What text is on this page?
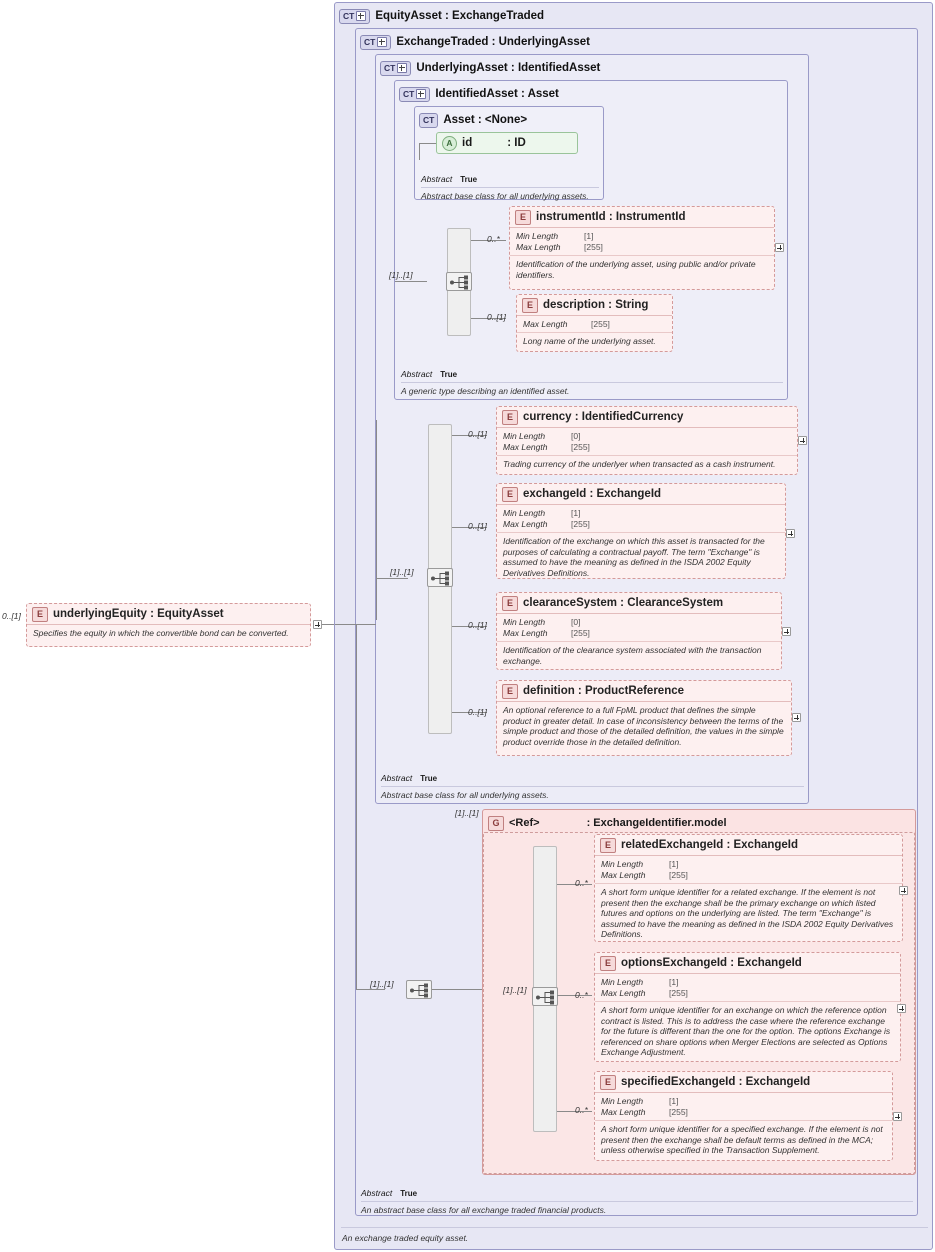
0..[1]	E underlyingEquity : EquityAsset
Specifies the equity in which the convertible bond can be converted.
CT EquityAsset : ExchangeTraded
An exchange traded equity asset.
CT ExchangeTraded : UnderlyingAsset
Abstract True
An abstract base class for all exchange traded financial products.
CT UnderlyingAsset : IdentifiedAsset
Abstract True
Abstract base class for all underlying assets.
CT IdentifiedAsset : Asset
Abstract True
A generic type describing an identified asset.
CT Asset : <None>
Abstract True
Abstract base class for all underlying assets.
A id	: ID
[1]..[1]
0..*
E instrumentId : InstrumentId
Min Length	[1]
Max Length	[255]
Identification of the underlying asset, using public and/or private identifiers.
0..[1]
E description : String
Max Length	[255]
Long name of the underlying asset.
[1]..[1]
0..[1]
E currency : IdentifiedCurrency
Min Length	[0]
Max Length	[255]
Trading currency of the underlyer when transacted as a cash instrument.
0..[1]
E exchangeId : ExchangeId
Min Length	[1]
Max Length	[255]
Identification of the exchange on which this asset is transacted for the purposes of calculating a contractual payoff. The term "Exchange" is assumed to have the meaning as defined in the ISDA 2002 Equity Derivatives Definitions.
0..[1]
E clearanceSystem : ClearanceSystem
Min Length	[0]
Max Length	[255]
Identification of the clearance system associated with the transaction exchange.
0..[1]
E definition : ProductReference
An optional reference to a full FpML product that defines the simple product in greater detail. In case of inconsistency between the terms of the simple product and those of the detailed definition, the values in the simple product override those in the detailed definition.
[1]..[1]
[1]..[1]
G <Ref>	: ExchangeIdentifier.model
[1]..[1]
0..*
E relatedExchangeId : ExchangeId
Min Length	[1]
Max Length	[255]
A short form unique identifier for a related exchange. If the element is not present then the exchange shall be the primary exchange on which listed futures and options on the underlying are listed. The term "Exchange" is assumed to have the meaning as defined in the ISDA 2002 Equity Derivatives Definitions.
0..*
E optionsExchangeId : ExchangeId
Min Length	[1]
Max Length	[255]
A short form unique identifier for an exchange on which the reference option contract is listed. This is to address the case where the reference exchange for the future is different than the one for the option. The options Exchange is referenced on share options when Merger Elections are selected as Options Exchange Adjustment.
0..*
E specifiedExchangeId : ExchangeId
Min Length	[1]
Max Length	[255]
A short form unique identifier for a specified exchange. If the element is not present then the exchange shall be default terms as defined in the MCA; unless otherwise specified in the Transaction Supplement.
